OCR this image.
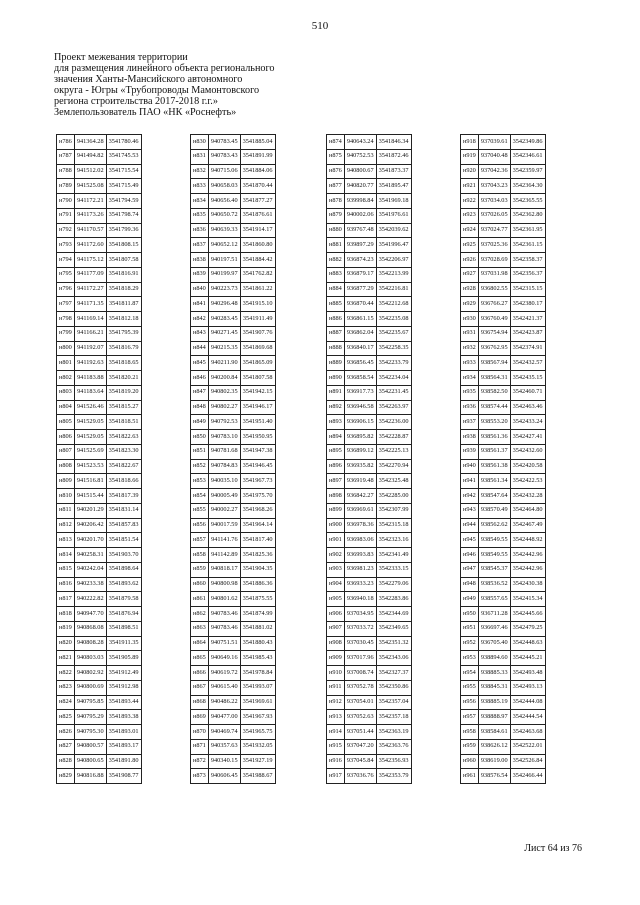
510
Проект межевания территории
для размещения линейного объекта регионального
значения Ханты-Мансийского автономного
округа - Югры «Трубопроводы Мамонтовского
региона строительства 2017-2018 г.г.»
Землепользователь ПАО «НК «Роснефть»
н786	941364.28	3541780.46
н787	941494.82	3541745.53
н788	941512.02	3541715.54
н789	941525.08	3541715.49
н790	941172.21	3541794.59
н791	941173.26	3541798.74
н792	941170.57	3541799.36
н793	941172.60	3541808.15
н794	941175.12	3541807.58
н795	941177.09	3541816.91
н796	941172.27	3541818.29
н797	941171.35	3541811.87
н798	941169.14	3541812.18
н799	941166.21	3541795.39
н800	941192.07	3541816.79
н801	941192.63	3541818.65
н802	941183.88	3541820.21
н803	941183.64	3541819.20
н804	941526.46	3541815.27
н805	941529.05	3541818.51
н806	941529.05	3541822.63
н807	941525.69	3541823.30
н808	941523.53	3541822.67
н809	941516.81	3541818.66
н810	941515.44	3541817.39
н811	940201.29	3541831.14
н812	940206.42	3541857.83
н813	940201.70	3541851.54
н814	940258.31	3541903.70
н815	940242.04	3541898.64
н816	940233.38	3541893.62
н817	940222.82	3541879.58
н818	940947.70	3541876.94
н819	940868.08	3541898.51
н820	940808.28	3541911.35
н821	940803.03	3541905.89
н822	940802.92	3541912.49
н823	940800.69	3541912.98
н824	940795.85	3541893.44
н825	940795.29	3541893.38
н826	940795.30	3541893.01
н827	940800.57	3541893.17
н828	940800.65	3541891.80
н829	940816.88	3541908.77
н830	940783.45	3541885.04
н831	940783.43	3541891.99
н832	940715.06	3541884.06
н833	940658.03	3541870.44
н834	940656.40	3541877.27
н835	940650.72	3541876.61
н836	940639.33	3541914.17
н837	940652.12	3541860.80
н838	940197.51	3541884.42
н839	940199.97	3541762.82
н840	940223.73	3541861.22
н841	940296.48	3541915.10
н842	940283.45	3541911.49
н843	940271.45	3541907.76
н844	940215.35	3541869.68
н845	940211.90	3541865.09
н846	940200.84	3541807.58
н847	940802.35	3541942.15
н848	940802.27	3541946.17
н849	940792.53	3541951.40
н850	940783.10	3541950.95
н851	940781.68	3541947.38
н852	940784.83	3541946.45
н853	940035.10	3541967.73
н854	940005.49	3541975.70
н855	940002.27	3541968.26
н856	940017.59	3541964.14
н857	941141.76	3541817.40
н858	941142.89	3541825.36
н859	940818.17	3541904.35
н860	940800.98	3541886.36
н861	940801.62	3541875.55
н862	940783.46	3541874.99
н863	940783.46	3541881.02
н864	940751.51	3541880.43
н865	940649.16	3541985.43
н866	940619.72	3541978.84
н867	940615.40	3541993.07
н868	940486.22	3541969.61
н869	940477.00	3541967.93
н870	940469.74	3541965.75
н871	940357.63	3541932.05
н872	940340.15	3541927.19
н873	940606.45	3541988.67
н874	940643.24	3541846.34
н875	940752.53	3541872.46
н876	940800.67	3541873.37
н877	940820.77	3541895.47
н878	939998.84	3541969.18
н879	940002.06	3541976.61
н880	939767.48	3542039.62
н881	939897.29	3541996.47
н882	936874.23	3542206.97
н883	936879.17	3542213.99
н884	936877.29	3542216.81
н885	936870.44	3542212.68
н886	936861.15	3542235.08
н887	936862.04	3542235.67
н888	936840.17	3542258.35
н889	936856.45	3542233.79
н890	936858.54	3542234.04
н891	936917.73	3542231.45
н892	936946.58	3542263.97
н893	936906.15	3542236.00
н894	936895.82	3542228.87
н895	936899.12	3542225.13
н896	936935.82	3542270.94
н897	936919.48	3542325.48
н898	936842.27	3542285.00
н899	936969.61	3542307.99
н900	936978.36	3542315.18
н901	936983.06	3542323.16
н902	936993.83	3542341.49
н903	936981.23	3542333.15
н904	936933.23	3542279.06
н905	936940.18	3542283.86
н906	937034.95	3542344.69
н907	937033.72	3542349.65
н908	937030.45	3542351.32
н909	937017.96	3542343.06
н910	937008.74	3542327.37
н911	937052.78	3542350.86
н912	937054.01	3542357.04
н913	937052.63	3542357.18
н914	937051.44	3542363.19
н915	937047.20	3542363.76
н916	937045.84	3542356.93
н917	937036.76	3542353.79
н918	937039.61	3542349.86
н919	937040.48	3542346.61
н920	937042.36	3542359.97
н921	937043.23	3542364.30
н922	937034.03	3542365.55
н923	937026.05	3542362.80
н924	937024.77	3542361.95
н925	937025.36	3542361.15
н926	937028.69	3542358.37
н927	937031.98	3542356.37
н928	936802.55	3542315.15
н929	936766.27	3542380.17
н930	936760.49	3542421.37
н931	936754.94	3542423.87
н932	936762.95	3542374.91
н933	938567.94	3542432.57
н934	938564.31	3542435.15
н935	938582.50	3542460.71
н936	938574.44	3542463.46
н937	938553.20	3542433.24
н938	938561.36	3542427.41
н939	938561.37	3542432.60
н940	938561.38	3542420.58
н941	938561.34	3542422.53
н942	938547.64	3542432.28
н943	938570.49	3542464.80
н944	938562.62	3542467.49
н945	938549.55	3542448.92
н946	938549.55	3542442.96
н947	938545.37	3542442.96
н948	938536.52	3542430.38
н949	938557.65	3542415.34
н950	936711.28	3542445.66
н951	936697.46	3542479.25
н952	936705.40	3542448.63
н953	938894.60	3542445.21
н954	938885.33	3542493.48
н955	938845.31	3542493.13
н956	938885.19	3542444.08
н957	938888.97	3542444.54
н958	938584.61	3542463.68
н959	938626.12	3542522.01
н960	938619.00	3542526.84
н961	938576.54	3542466.44
Лист 64 из 76
